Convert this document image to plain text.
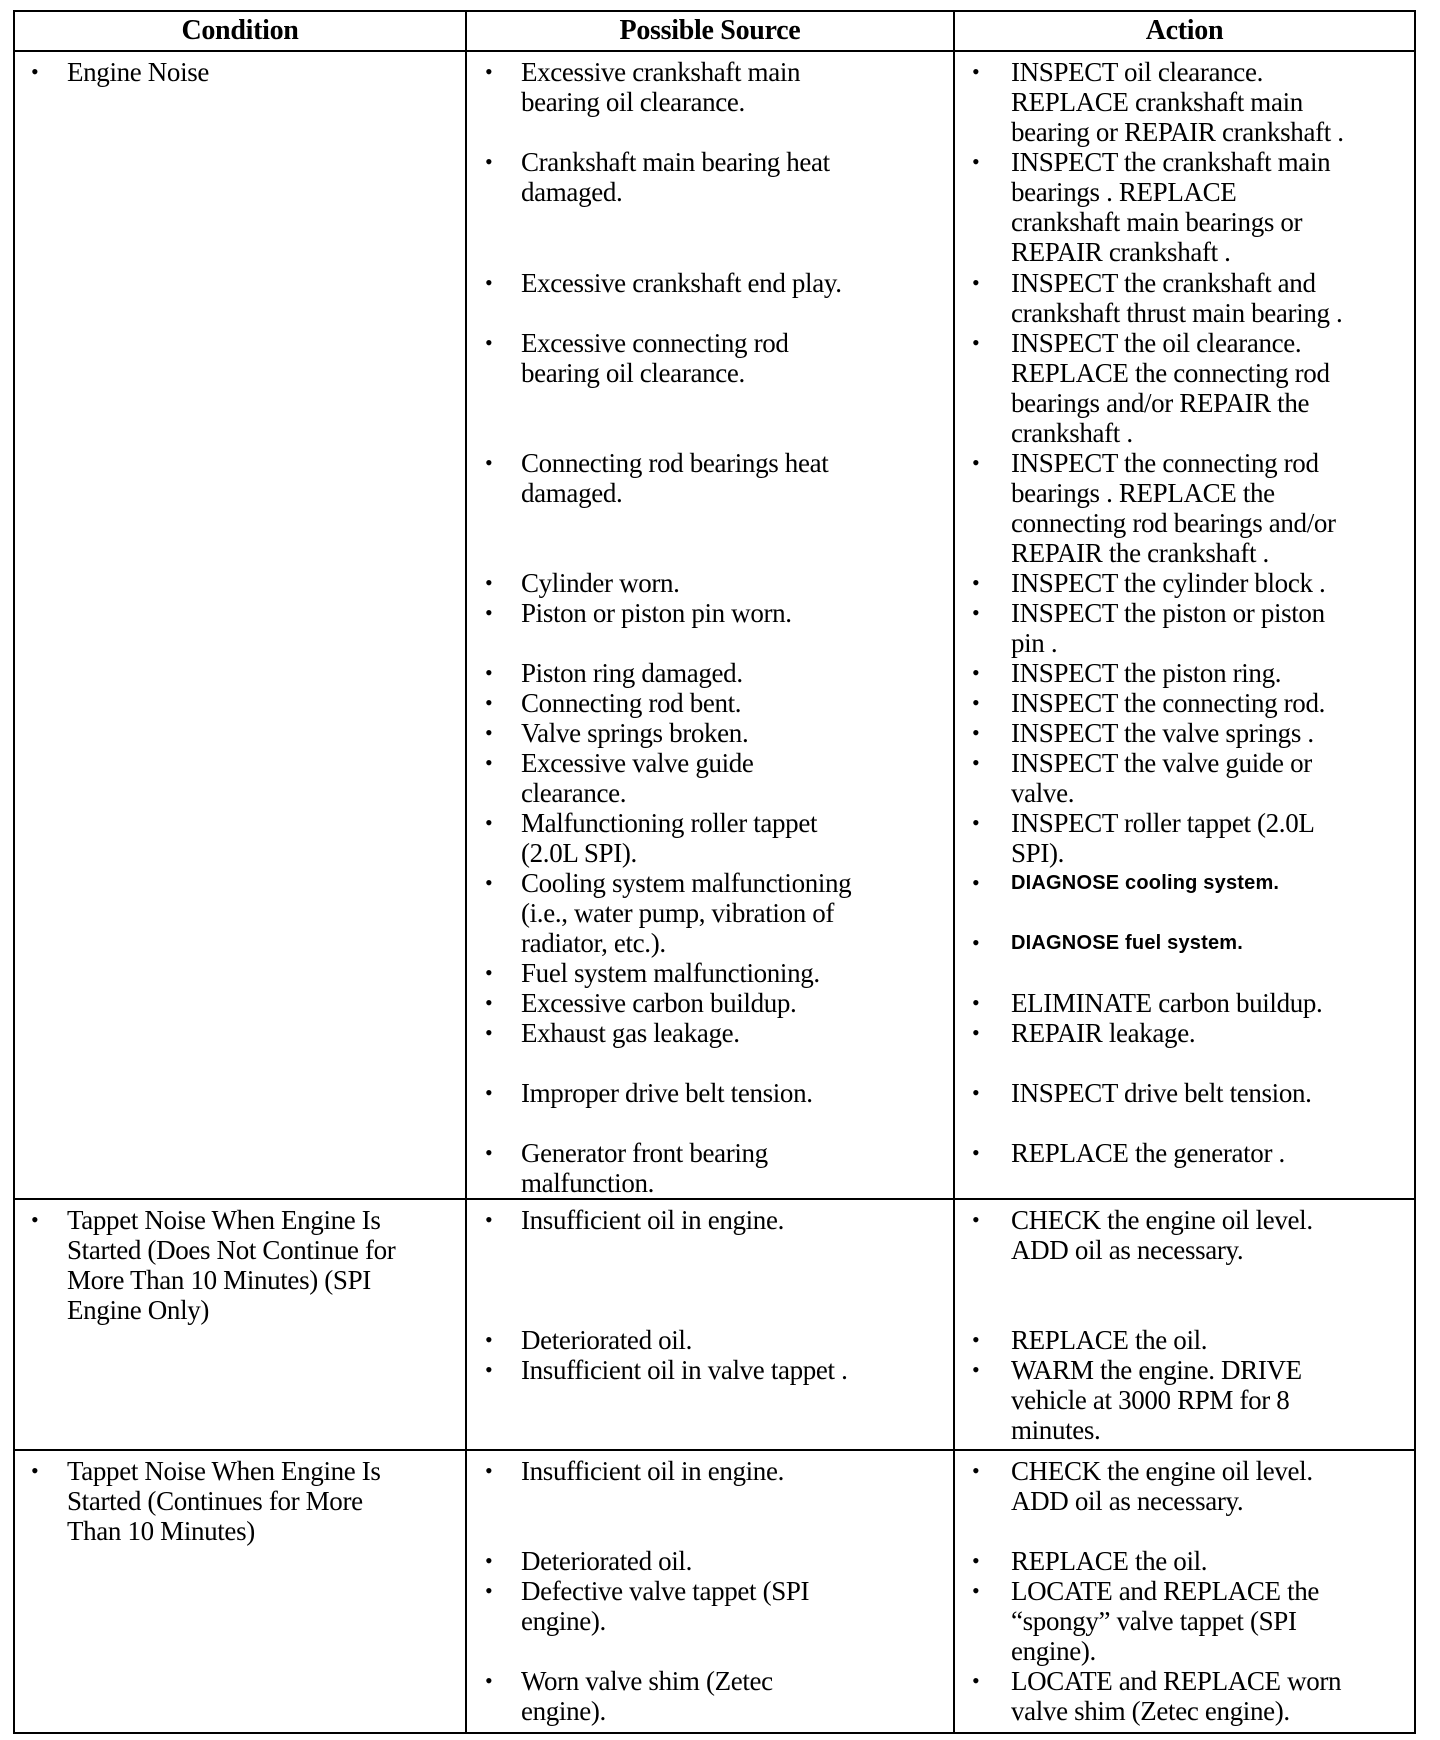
Condition	Possible Source	Action
• Engine Noise
• Tappet Noise When Engine Is
Started (Does Not Continue for
More Than 10 Minutes) (SPI
Engine Only)
• Tappet Noise When Engine Is
Started (Continues for More
Than 10 Minutes)
• Excessive crankshaft main
bearing oil clearance.
• Crankshaft main bearing heat
damaged.
• Excessive crankshaft end play.
• Excessive connecting rod
bearing oil clearance.
• Connecting rod bearings heat
damaged.
• Cylinder worn.
• Piston or piston pin worn.
• Piston ring damaged.
• Connecting rod bent.
• Valve springs broken.
• Excessive valve guide
clearance.
• Malfunctioning roller tappet
(2.0L SPI).
• Cooling system malfunctioning
(i.e., water pump, vibration of
radiator, etc.).
• Fuel system malfunctioning.
• Excessive carbon buildup.
• Exhaust gas leakage.
• Improper drive belt tension.
• Generator front bearing
malfunction.
• Insufficient oil in engine.
• Deteriorated oil.
• Insufficient oil in valve tappet .
• Insufficient oil in engine.
• Deteriorated oil.
• Defective valve tappet (SPI
engine).
• Worn valve shim (Zetec
engine).
• INSPECT oil clearance.
REPLACE crankshaft main
bearing or REPAIR crankshaft .
• INSPECT the crankshaft main
bearings . REPLACE
crankshaft main bearings or
REPAIR crankshaft .
• INSPECT the crankshaft and
crankshaft thrust main bearing .
• INSPECT the oil clearance.
REPLACE the connecting rod
bearings and/or REPAIR the
crankshaft .
• INSPECT the connecting rod
bearings . REPLACE the
connecting rod bearings and/or
REPAIR the crankshaft .
• INSPECT the cylinder block .
• INSPECT the piston or piston
pin .
• INSPECT the piston ring.
• INSPECT the connecting rod.
• INSPECT the valve springs .
• INSPECT the valve guide or
valve.
• INSPECT roller tappet (2.0L
SPI).
• DIAGNOSE cooling system.
• DIAGNOSE fuel system.
• ELIMINATE carbon buildup.
• REPAIR leakage.
• INSPECT drive belt tension.
• REPLACE the generator .
• CHECK the engine oil level.
ADD oil as necessary.
• REPLACE the oil.
• WARM the engine. DRIVE
vehicle at 3000 RPM for 8
minutes.
• CHECK the engine oil level.
ADD oil as necessary.
• REPLACE the oil.
• LOCATE and REPLACE the
“spongy” valve tappet (SPI
engine).
• LOCATE and REPLACE worn
valve shim (Zetec engine).
